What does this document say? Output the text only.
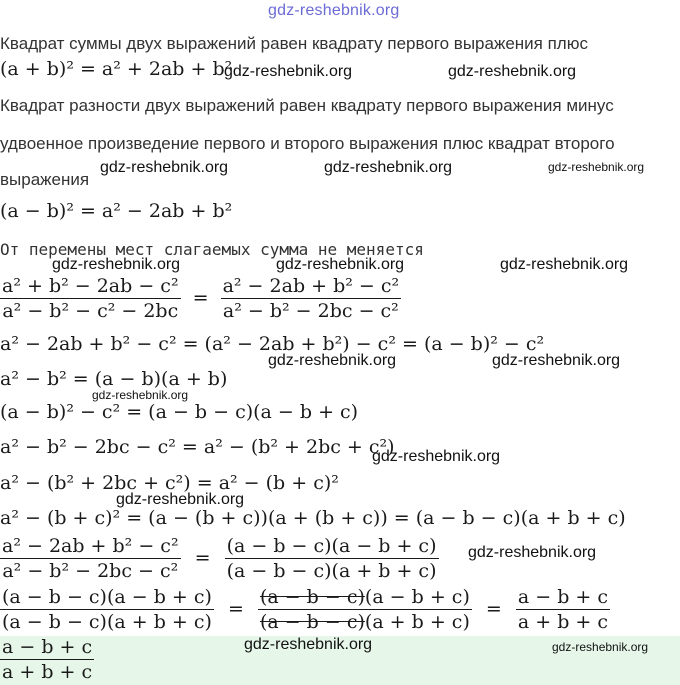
gdz-reshebnik.org
Квадрат суммы двух выражений равен квадрату первого выражения плюс
(a + b)² = a² + 2ab + b²
Квадрат разности двух выражений равен квадрату первого выражения минус
удвоенное произведение первого и второго выражения плюс квадрат второго
выражения
(a − b)² = a² − 2ab + b²
От перемены мест слагаемых сумма не меняется
$\frac{\text{a² + b² − 2ab − c²}}{\text{a² − b² − c² − 2bc}} = \frac{\text{a² − 2ab + b² − c²}}{\text{a² − b² − 2bc − c²}}$
a² − 2ab + b² − c² = (a² − 2ab + b²) − c² = (a − b)² − c²
a² − b² = (a − b)(a + b)
(a − b)² − c² = (a − b − c)(a − b + c)
a² − b² − 2bc − c² = a² − (b² + 2bc + c²)
a² − (b² + 2bc + c²) = a² − (b + c)²
a² − (b + c)² = (a − (b + c))(a + (b + c)) = (a − b − c)(a + b + c)
$\frac{\text{a² − 2ab + b² − c²}}{\text{a² − b² − 2bc − c²}} = \frac{(a - b - c)(a - b + c)}{(a - b - c)(a + b + c)}$
$\frac{(a - b - c)(a - b + c)}{(a - b - c)(a + b + c)} = \frac{(a - b - c)(a - b + c)}{(a - b - c)(a + b + c)} = \frac{a - b + c}{a + b + c}$
$\frac{a - b + c}{a + b + c}$
gdz-reshebnik.org	gdz-reshebnik.org
gdz-reshebnik.org	gdz-reshebnik.org	gdz-reshebnik.org
gdz-reshebnik.org	gdz-reshebnik.org	gdz-reshebnik.org
gdz-reshebnik.org	gdz-reshebnik.org
gdz-reshebnik.org
gdz-reshebnik.org
gdz-reshebnik.org
gdz-reshebnik.org
gdz-reshebnik.org	gdz-reshebnik.org
